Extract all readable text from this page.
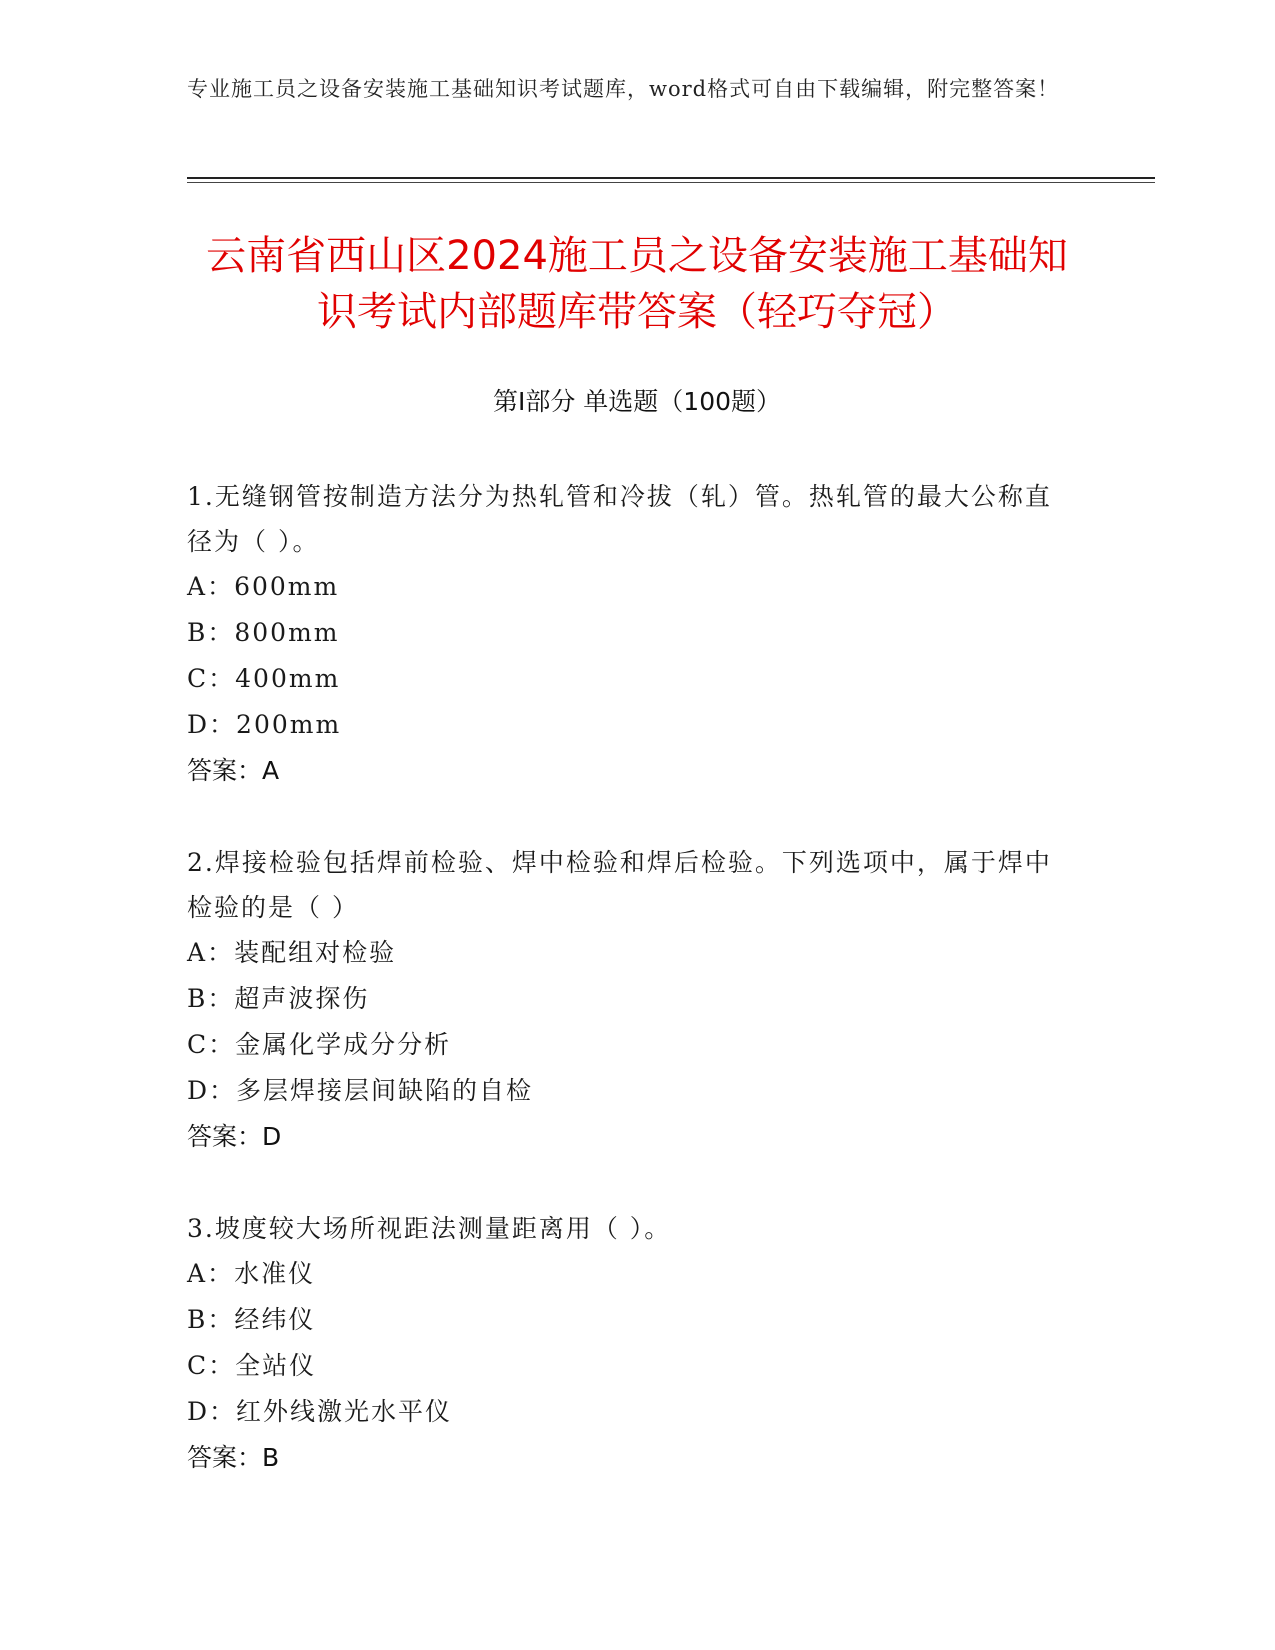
专业施工员之设备安装施工基础知识考试题库，word格式可自由下载编辑，附完整答案！
云南省西山区2024施工员之设备安装施工基础知识考试内部题库带答案（轻巧夺冠）
第I部分 单选题（100题）
1.无缝钢管按制造方法分为热轧管和冷拔（轧）管。热轧管的最大公称直径为（ ）。
A：600mm
B：800mm
C：400mm
D：200mm
答案：A
2.焊接检验包括焊前检验、焊中检验和焊后检验。下列选项中，属于焊中检验的是（ ）
A：装配组对检验
B：超声波探伤
C：金属化学成分分析
D：多层焊接层间缺陷的自检
答案：D
3.坡度较大场所视距法测量距离用（ ）。
A：水准仪
B：经纬仪
C：全站仪
D：红外线激光水平仪
答案：B
